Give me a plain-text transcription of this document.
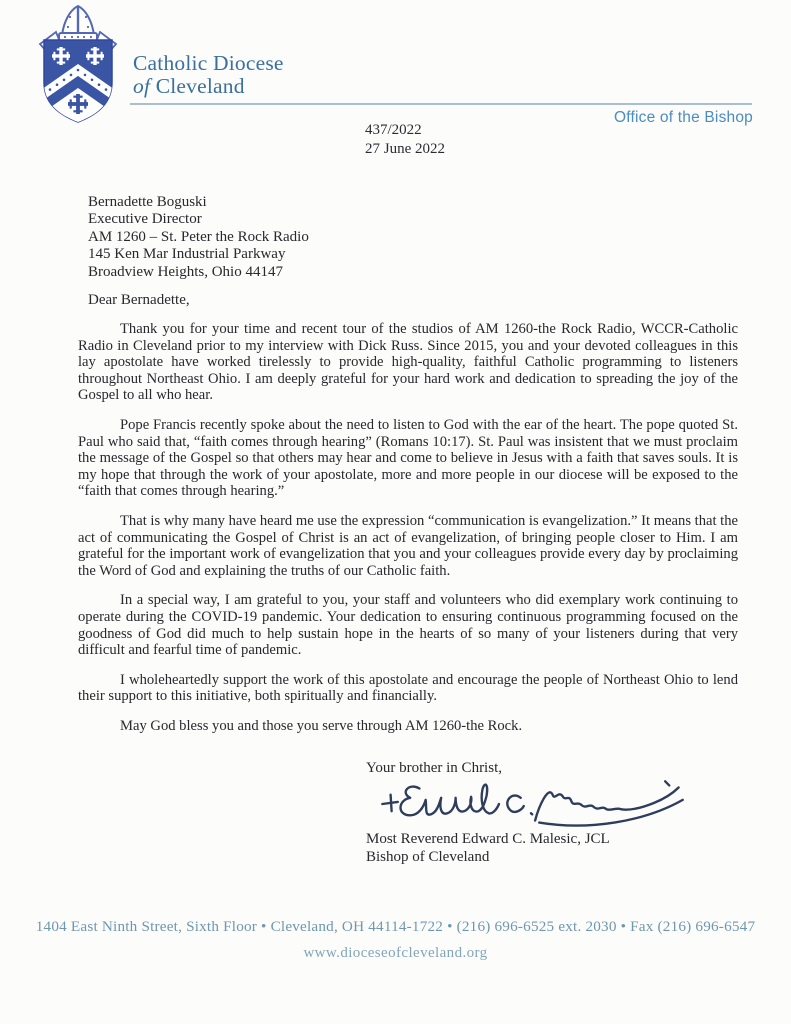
Catholic Diocese
of Cleveland
Office of the Bishop
437/2022
27 June 2022
Bernadette Boguski
Executive Director
AM 1260 – St. Peter the Rock Radio
145 Ken Mar Industrial Parkway
Broadview Heights, Ohio 44147
Dear Bernadette,

Thank you for your time and recent tour of the studios of AM 1260-the Rock Radio, WCCR-Catholic Radio in Cleveland prior to my interview with Dick Russ. Since 2015, you and your devoted colleagues in this lay apostolate have worked tirelessly to provide high-quality, faithful Catholic programming to listeners throughout Northeast Ohio. I am deeply grateful for your hard work and dedication to spreading the joy of the Gospel to all who hear.

Pope Francis recently spoke about the need to listen to God with the ear of the heart. The pope quoted St. Paul who said that, “faith comes through hearing” (Romans 10:17). St. Paul was insistent that we must proclaim the message of the Gospel so that others may hear and come to believe in Jesus with a faith that saves souls. It is my hope that through the work of your apostolate, more and more people in our diocese will be exposed to the “faith that comes through hearing.”

That is why many have heard me use the expression “communication is evangelization.” It means that the act of communicating the Gospel of Christ is an act of evangelization, of bringing people closer to Him. I am grateful for the important work of evangelization that you and your colleagues provide every day by proclaiming the Word of God and explaining the truths of our Catholic faith.

In a special way, I am grateful to you, your staff and volunteers who did exemplary work continuing to operate during the COVID-19 pandemic. Your dedication to ensuring continuous programming focused on the goodness of God did much to help sustain hope in the hearts of so many of your listeners during that very difficult and fearful time of pandemic.

I wholeheartedly support the work of this apostolate and encourage the people of Northeast Ohio to lend their support to this initiative, both spiritually and financially.

May God bless you and those you serve through AM 1260-the Rock.

Your brother in Christ,
Most Reverend Edward C. Malesic, JCL
Bishop of Cleveland
1404 East Ninth Street, Sixth Floor • Cleveland, OH 44114-1722 • (216) 696-6525 ext. 2030 • Fax (216) 696-6547
www.dioceseofcleveland.org
